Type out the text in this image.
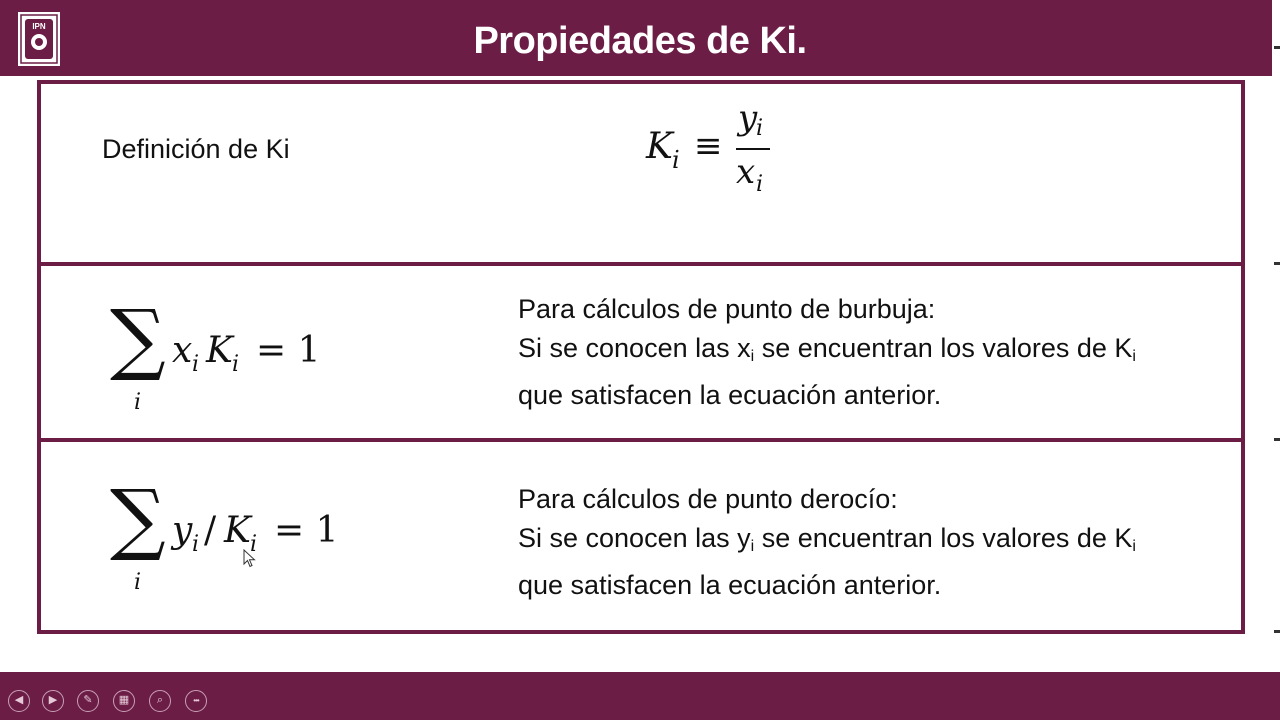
IPN	Propiedades de Ki.
Definición de Ki	K i ≡
y
i
x i
∑
i
x i K i = 1
Para cálculos de punto de burbuja:
Si se conocen las $x_i$ se encuentran los valores de $K_i$
que satisfacen la ecuación anterior.
∑
i
y i / K i = 1
Para cálculos de punto derocío:
Si se conocen las $y_i$ se encuentran los valores de $K_i$
que satisfacen la ecuación anterior.
◀	▶	✎	▦	⌕	•••
